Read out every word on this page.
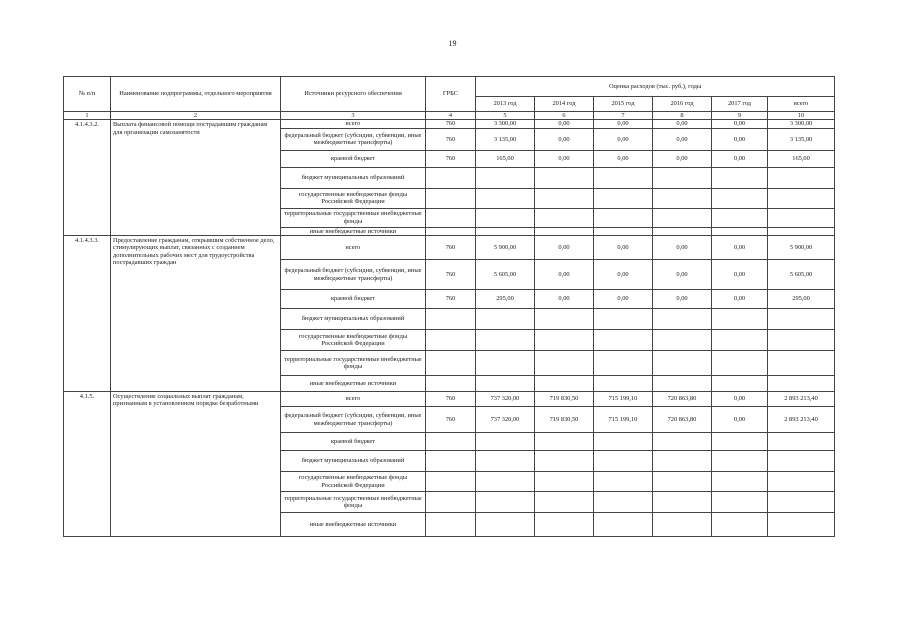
19
№ п/п	Наименование подпрограммы, отдельного мероприятия	Источники ресурсного обеспечения	ГРБС	Оценка расходов (тыс. руб.), годы					
				2013 год	2014 год	2015 год	2016 год	2017 год	всего
1	2	3	4	5	6	7	8	9	10
4.1.4.3.2.	Выплата финансовой помощи пострадавшим гражданам для организации самозанятости	всего	760	3 300,00	0,00	0,00	0,00	0,00	3 300,00
		федеральный бюджет (субсидии, субвенции, иные межбюджетные трансферты)	760	3 135,00	0,00	0,00	0,00	0,00	3 135,00
		краевой бюджет	760	165,00	0,00	0,00	0,00	0,00	165,00
		бюджет муниципальных образований							
		государственные внебюджетные фонды Российской Федерации							
		территориальные государственные внебюджетные фонды							
		иные внебюджетные источники							
4.1.4.3.3.	Предоставление гражданам, открывшим собственное дело, стимулирующих выплат, связанных с созданием дополнительных рабочих мест для трудоустройства пострадавших граждан	всего	760	5 900,00	0,00	0,00	0,00	0,00	5 900,00
		федеральный бюджет (субсидии, субвенции, иные межбюджетные трансферты)	760	5 605,00	0,00	0,00	0,00	0,00	5 605,00
		краевой бюджет	760	295,00	0,00	0,00	0,00	0,00	295,00
		бюджет муниципальных образований							
		государственные внебюджетные фонды Российской Федерации							
		территориальные государственные внебюджетные фонды							
		иные внебюджетные источники							
4.1.5.	Осуществление социальных выплат гражданам, признанным в установленном порядке безработными	всего	760	737 320,00	719 830,50	715 199,10	720 863,80	0,00	2 893 213,40
		федеральный бюджет (субсидии, субвенции, иные межбюджетные трансферты)	760	737 320,00	719 830,50	715 199,10	720 863,80	0,00	2 893 213,40
		краевой бюджет							
		бюджет муниципальных образований							
		государственные внебюджетные фонды Российской Федерации							
		территориальные государственные внебюджетные фонды							
		иные внебюджетные источники							
